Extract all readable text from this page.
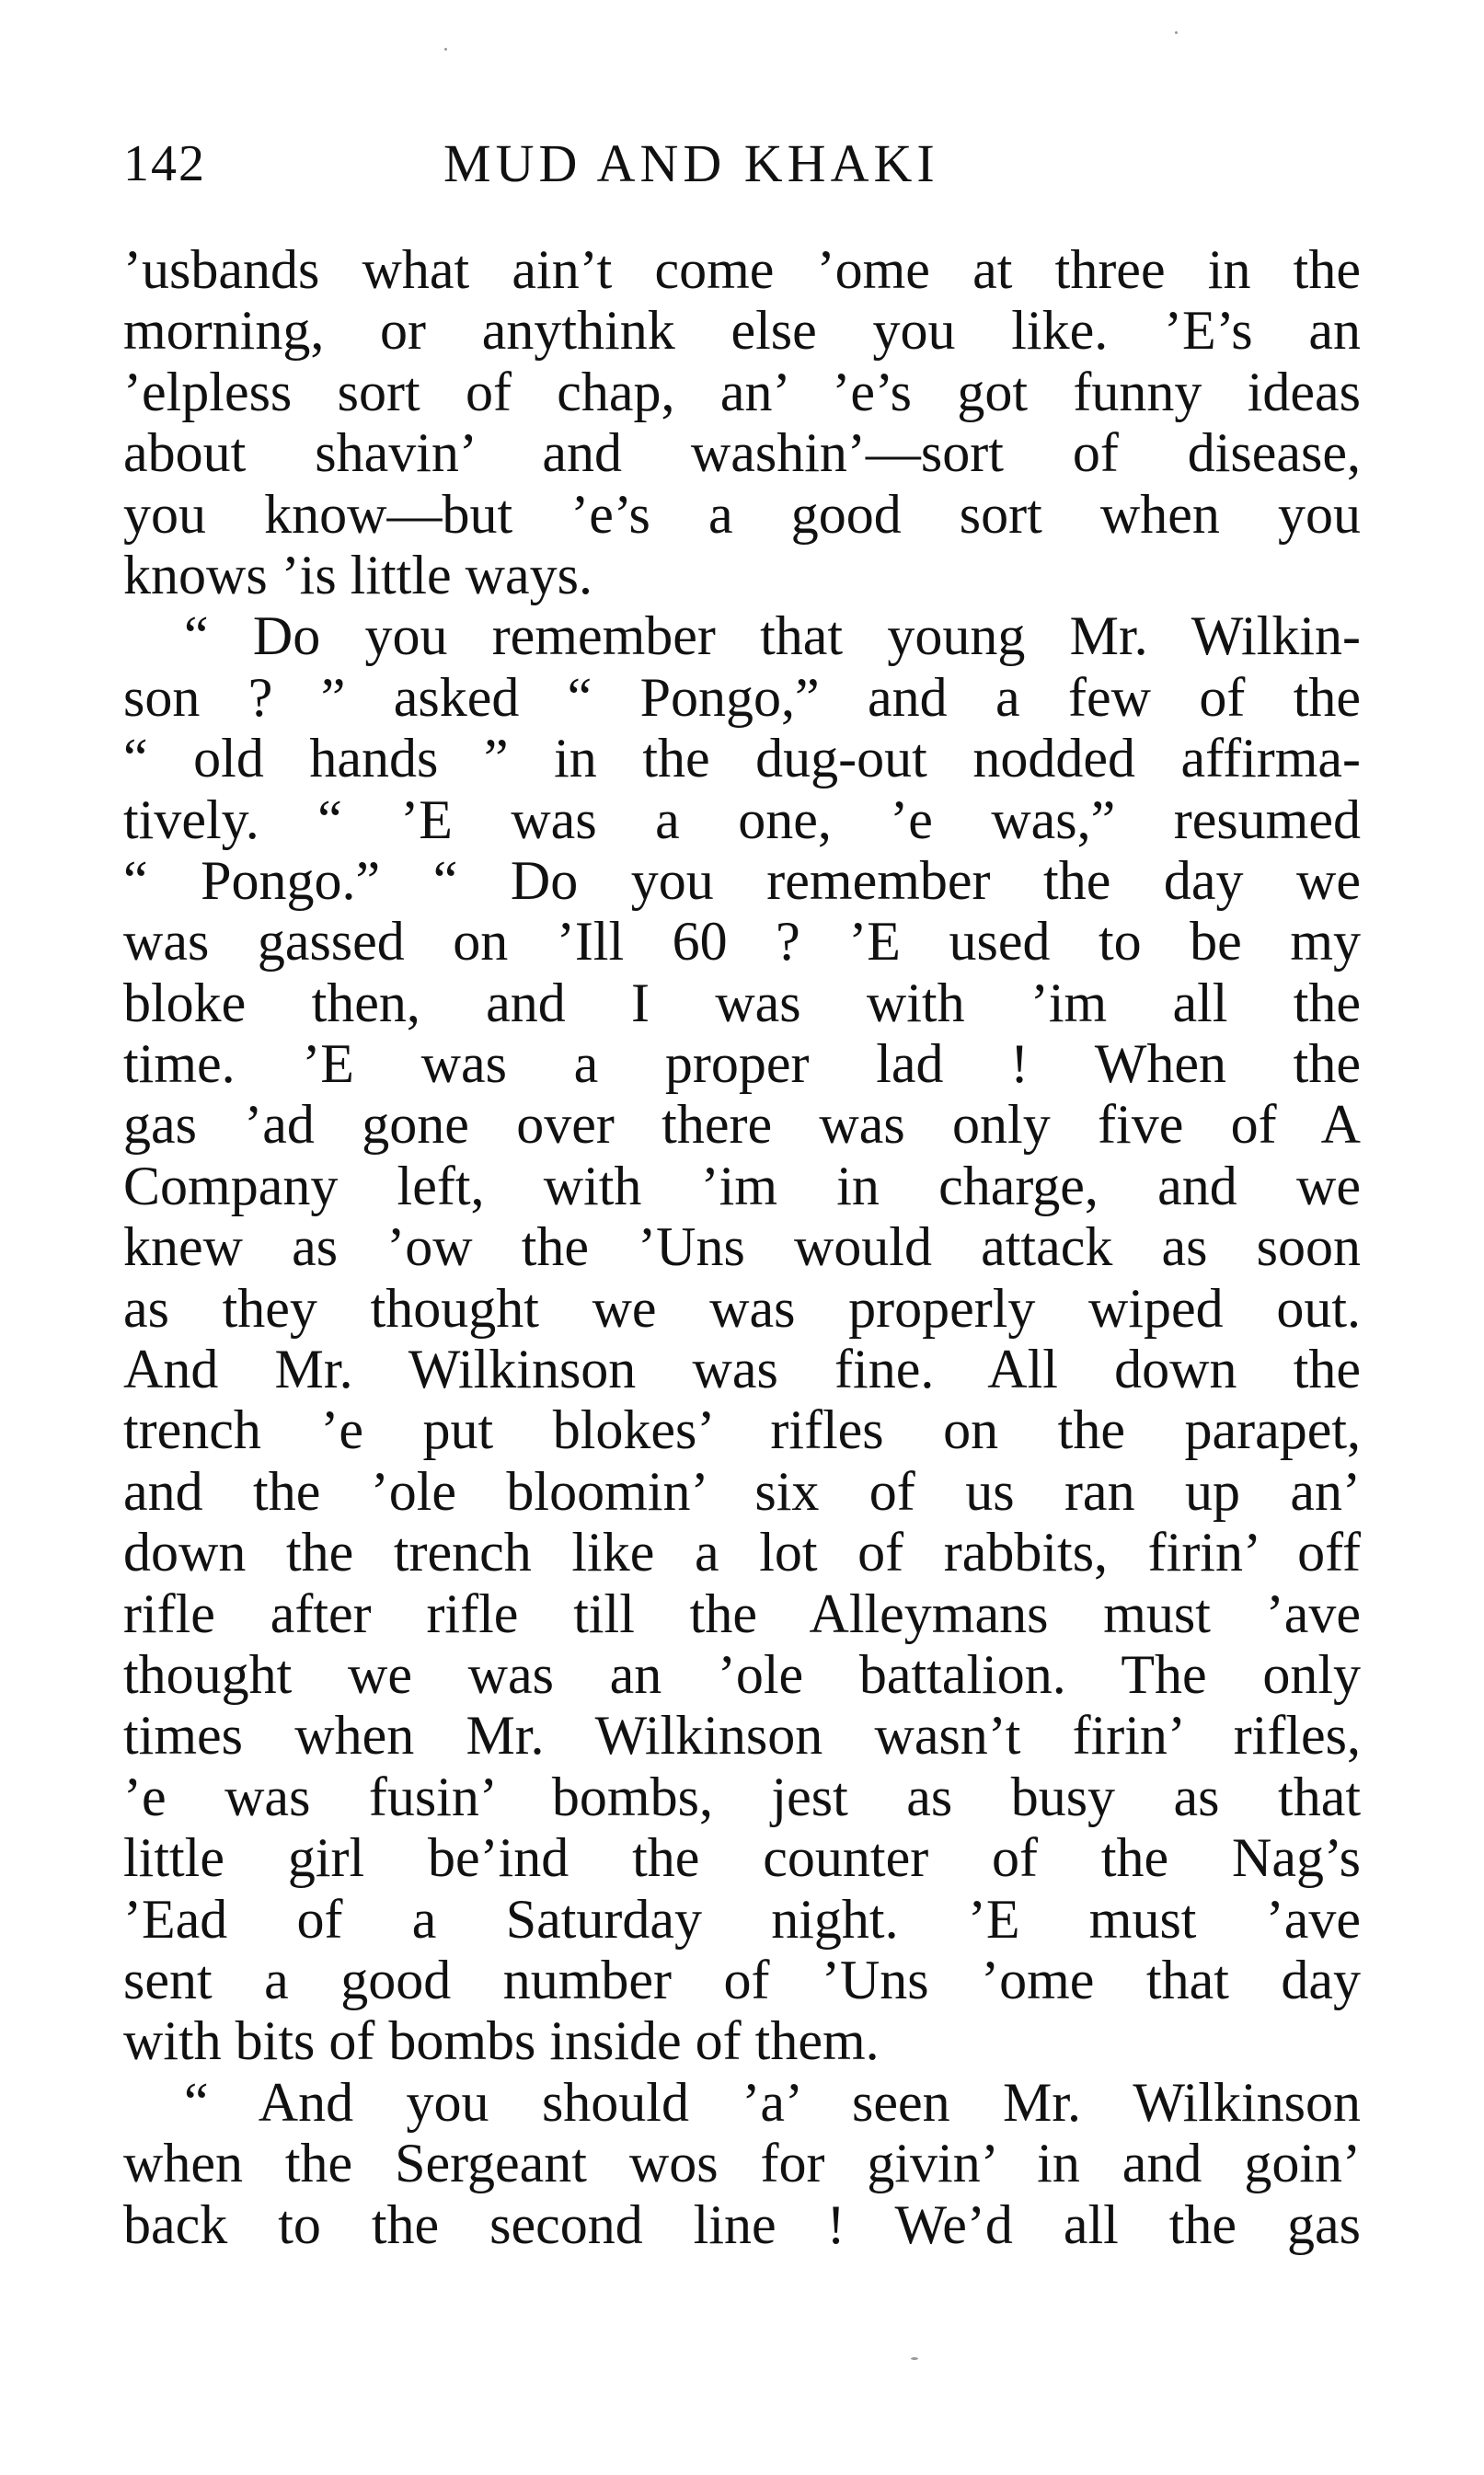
142	MUD AND KHAKI
’usbands what ain’t come ’ome at three in the
morning, or anythink else you like. ’E’s an
’elpless sort of chap, an’ ’e’s got funny ideas
about shavin’ and washin’—sort of disease,
you know—but ’e’s a good sort when you
knows ’is little ways.
“ Do you remember that young Mr. Wilkin-
son ? ” asked “ Pongo,” and a few of the
“ old hands ” in the dug-out nodded affirma-
tively. “ ’E was a one, ’e was,” resumed
“ Pongo.” “ Do you remember the day we
was gassed on ’Ill 60 ? ’E used to be my
bloke then, and I was with ’im all the
time. ’E was a proper lad ! When the
gas ’ad gone over there was only five of A
Company left, with ’im in charge, and we
knew as ’ow the ’Uns would attack as soon
as they thought we was properly wiped out.
And Mr. Wilkinson was fine. All down the
trench ’e put blokes’ rifles on the parapet,
and the ’ole bloomin’ six of us ran up an’
down the trench like a lot of rabbits, firin’ off
rifle after rifle till the Alleymans must ’ave
thought we was an ’ole battalion. The only
times when Mr. Wilkinson wasn’t firin’ rifles,
’e was fusin’ bombs, jest as busy as that
little girl be’ind the counter of the Nag’s
’Ead of a Saturday night. ’E must ’ave
sent a good number of ’Uns ’ome that day
with bits of bombs inside of them.
“ And you should ’a’ seen Mr. Wilkinson
when the Sergeant wos for givin’ in and goin’
back to the second line ! We’d all the gas
